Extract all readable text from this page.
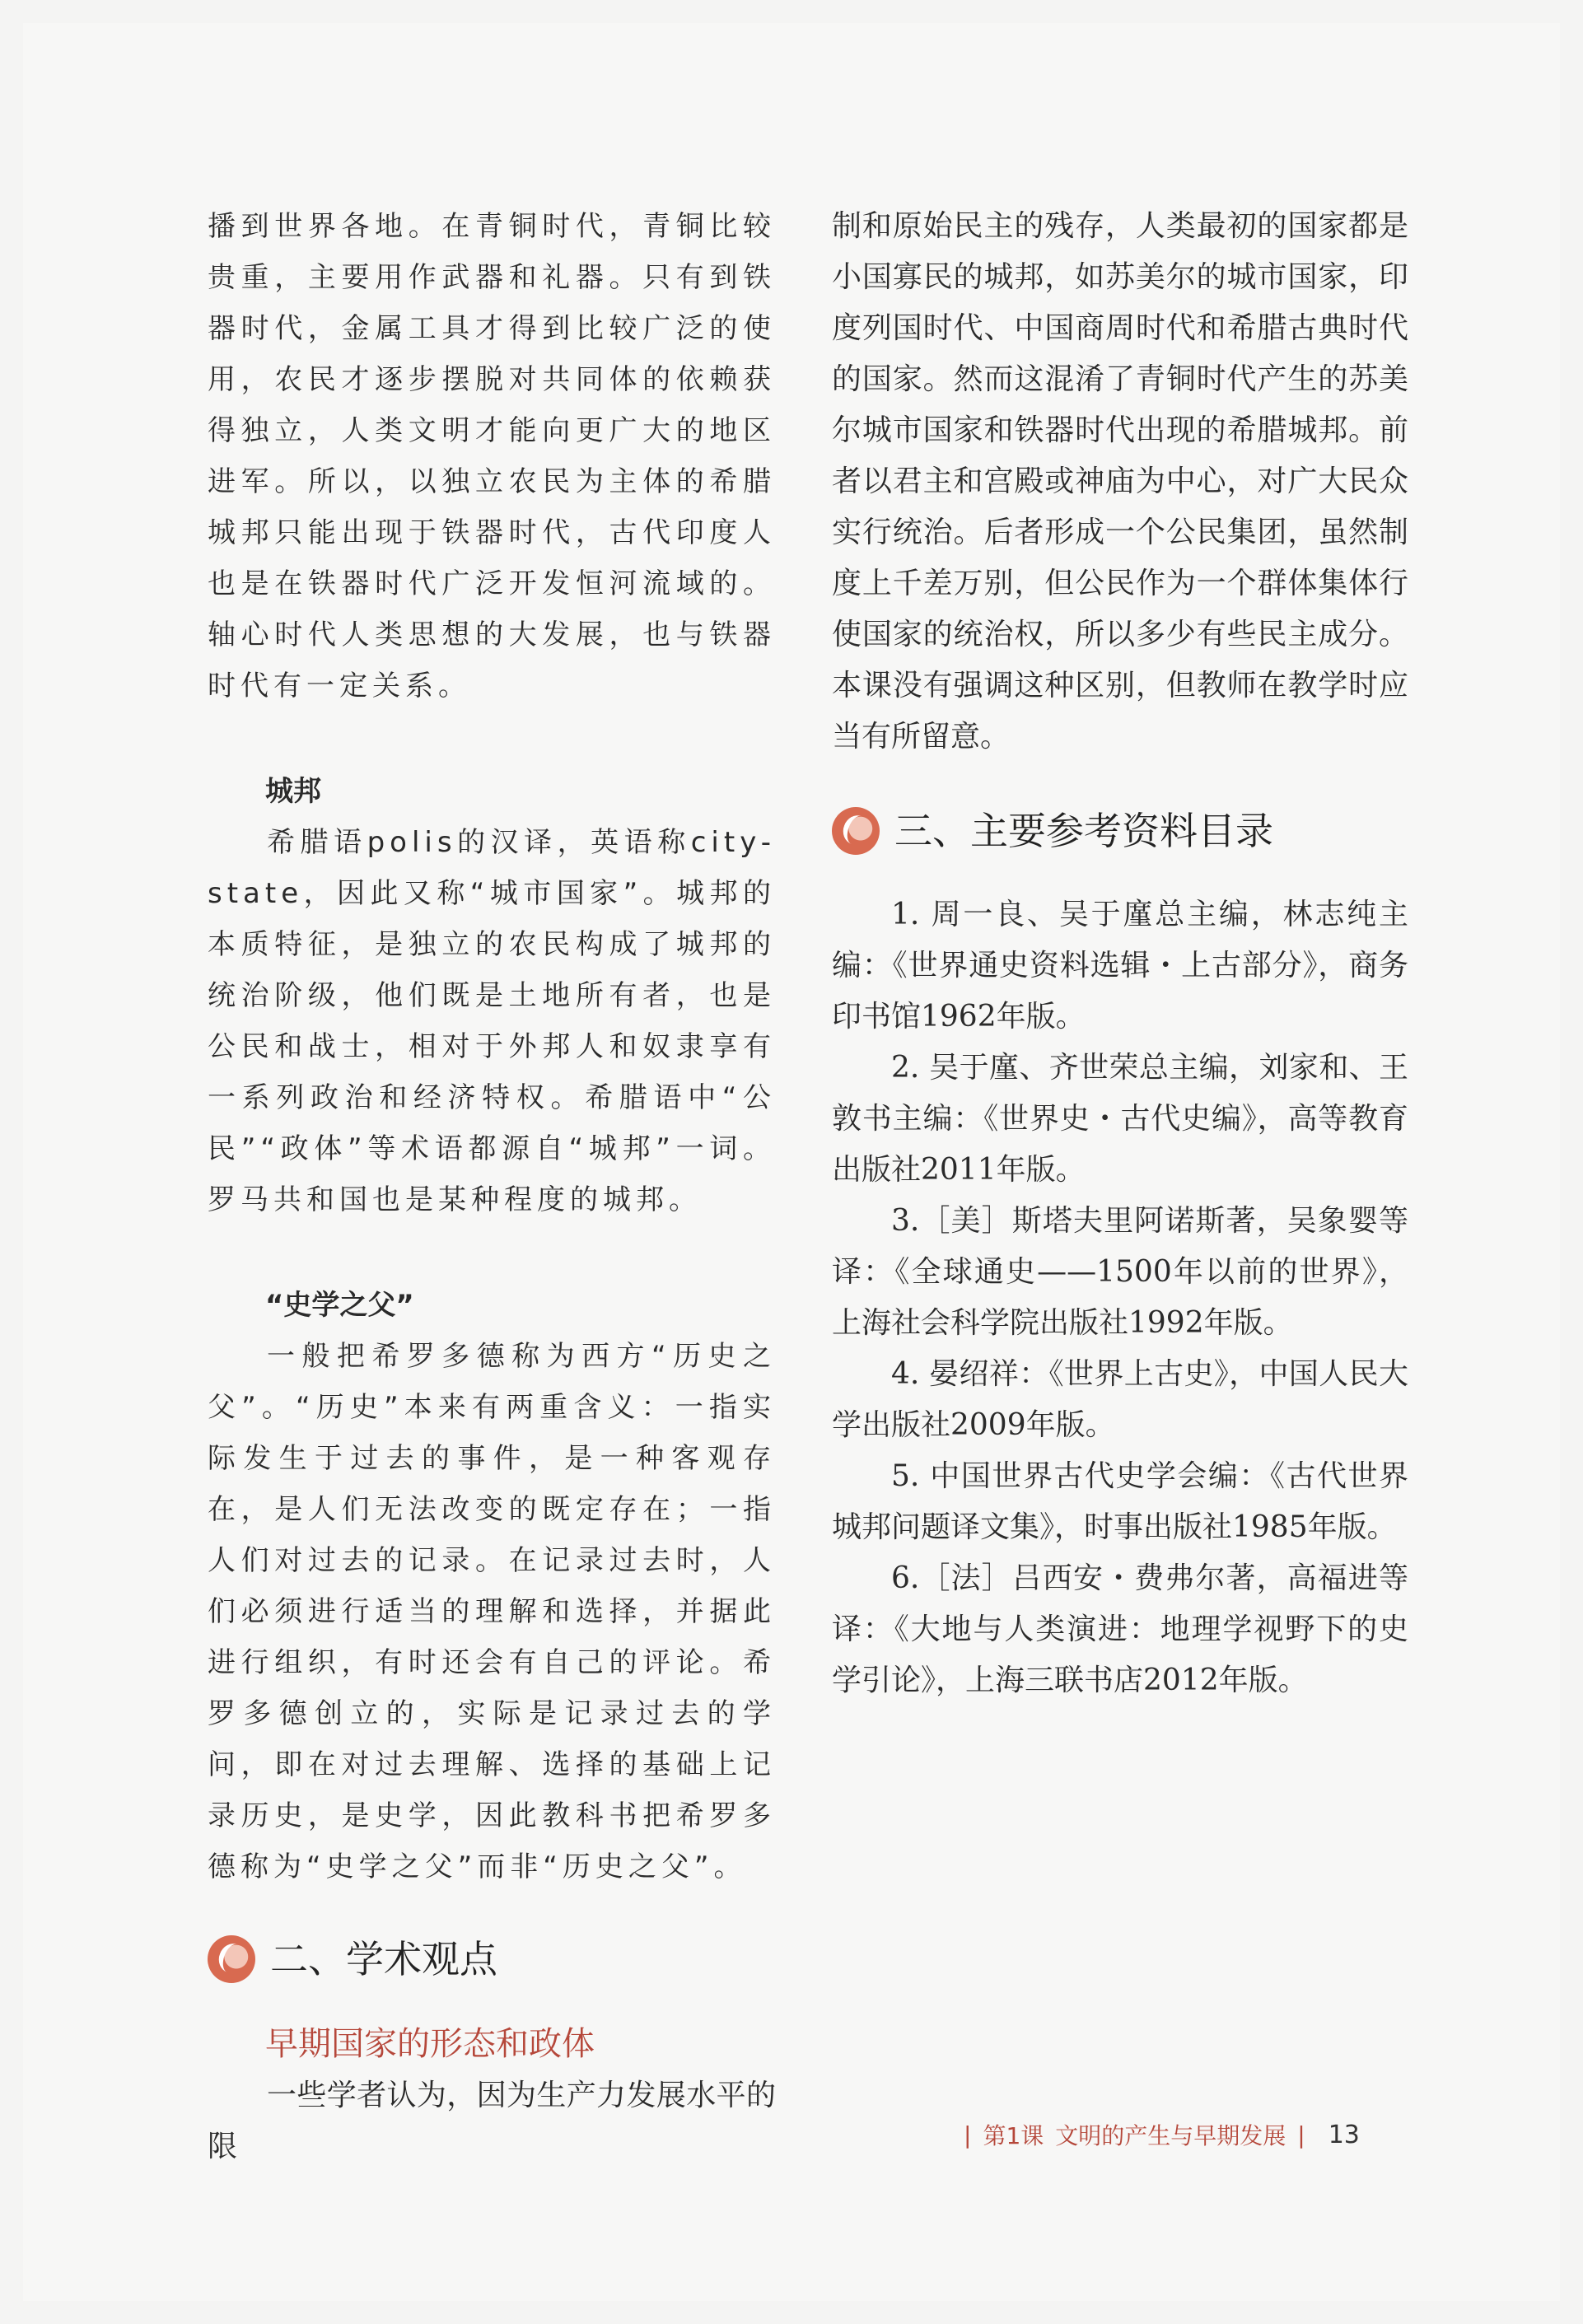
播到世界各地。在青铜时代，青铜比较贵重，主要用作武器和礼器。只有到铁器时代，金属工具才得到比较广泛的使用，农民才逐步摆脱对共同体的依赖获得独立，人类文明才能向更广大的地区进军。所以，以独立农民为主体的希腊城邦只能出现于铁器时代，古代印度人也是在铁器时代广泛开发恒河流域的。轴心时代人类思想的大发展，也与铁器时代有一定关系。

城邦

希腊语polis的汉译，英语称city-state，因此又称“城市国家”。城邦的本质特征，是独立的农民构成了城邦的统治阶级，他们既是土地所有者，也是公民和战士，相对于外邦人和奴隶享有一系列政治和经济特权。希腊语中“公民”“政体”等术语都源自“城邦”一词。罗马共和国也是某种程度的城邦。

“史学之父”

一般把希罗多德称为西方“历史之父”。“历史”本来有两重含义：一指实际发生于过去的事件，是一种客观存在，是人们无法改变的既定存在；一指人们对过去的记录。在记录过去时，人们必须进行适当的理解和选择，并据此进行组织，有时还会有自己的评论。希罗多德创立的，实际是记录过去的学问，即在对过去理解、选择的基础上记录历史，是史学，因此教科书把希罗多德称为“史学之父”而非“历史之父”。

二、学术观点
早期国家的形态和政体

一些学者认为，因为生产力发展水平的限

制和原始民主的残存，人类最初的国家都是小国寡民的城邦，如苏美尔的城市国家，印度列国时代、中国商周时代和希腊古典时代的国家。然而这混淆了青铜时代产生的苏美尔城市国家和铁器时代出现的希腊城邦。前者以君主和宫殿或神庙为中心，对广大民众实行统治。后者形成一个公民集团，虽然制度上千差万别，但公民作为一个群体集体行使国家的统治权，所以多少有些民主成分。本课没有强调这种区别，但教师在教学时应当有所留意。

三、主要参考资料目录

1. 周一良、吴于廑总主编，林志纯主编：《世界通史资料选辑・上古部分》，商务印书馆1962年版。

2. 吴于廑、齐世荣总主编，刘家和、王敦书主编：《世界史・古代史编》，高等教育出版社2011年版。

3.［美］斯塔夫里阿诺斯著，吴象婴等译：《全球通史——1500年以前的世界》，上海社会科学院出版社1992年版。

4. 晏绍祥：《世界上古史》，中国人民大学出版社2009年版。

5. 中国世界古代史学会编：《古代世界城邦问题译文集》，时事出版社1985年版。

6.［法］吕西安・费弗尔著，高福进等译：《大地与人类演进：地理学视野下的史学引论》，上海三联书店2012年版。

| 第1课 文明的产生与早期发展 | 13
